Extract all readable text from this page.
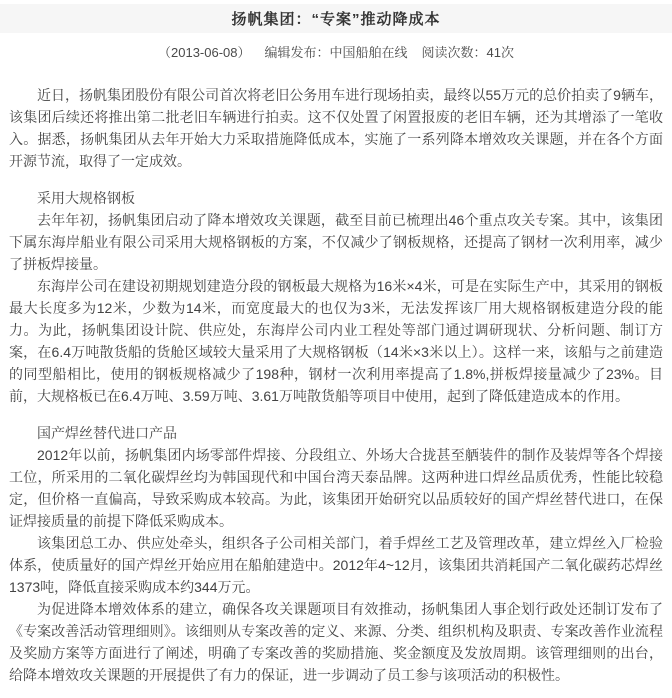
扬帆集团：“专案”推动降成本
（2013-06-08） 编辑发布：中国船舶在线 阅读次数：41次

近日，扬帆集团股份有限公司首次将老旧公务用车进行现场拍卖，最终以55万元的总价拍卖了9辆车，该集团后续还将推出第二批老旧车辆进行拍卖。这不仅处置了闲置报废的老旧车辆，还为其增添了一笔收入。据悉，扬帆集团从去年开始大力采取措施降低成本，实施了一系列降本增效攻关课题，并在各个方面开源节流，取得了一定成效。

采用大规格钢板

去年年初，扬帆集团启动了降本增效攻关课题，截至目前已梳理出46个重点攻关专案。其中，该集团下属东海岸船业有限公司采用大规格钢板的方案，不仅减少了钢板规格，还提高了钢材一次利用率，减少了拼板焊接量。

东海岸公司在建设初期规划建造分段的钢板最大规格为16米×4米，可是在实际生产中，其采用的钢板最大长度多为12米，少数为14米，而宽度最大的也仅为3米，无法发挥该厂用大规格钢板建造分段的能力。为此，扬帆集团设计院、供应处，东海岸公司内业工程处等部门通过调研现状、分析问题、制订方案，在6.4万吨散货船的货舱区域较大量采用了大规格钢板（14米×3米以上）。这样一来，该船与之前建造的同型船相比，使用的钢板规格减少了198种，钢材一次利用率提高了1.8%,拼板焊接量减少了23%。目前，大规格板已在6.4万吨、3.59万吨、3.61万吨散货船等项目中使用，起到了降低建造成本的作用。

国产焊丝替代进口产品

2012年以前，扬帆集团内场零部件焊接、分段组立、外场大合拢甚至舾装件的制作及装焊等各个焊接工位，所采用的二氧化碳焊丝均为韩国现代和中国台湾天泰品牌。这两种进口焊丝品质优秀，性能比较稳定，但价格一直偏高，导致采购成本较高。为此，该集团开始研究以品质较好的国产焊丝替代进口，在保证焊接质量的前提下降低采购成本。

该集团总工办、供应处牵头，组织各子公司相关部门，着手焊丝工艺及管理改革，建立焊丝入厂检验体系，使质量好的国产焊丝开始应用在船舶建造中。2012年4~12月，该集团共消耗国产二氧化碳药芯焊丝1373吨，降低直接采购成本约344万元。

为促进降本增效体系的建立，确保各攻关课题项目有效推动，扬帆集团人事企划行政处还制订发布了《专案改善活动管理细则》。该细则从专案改善的定义、来源、分类、组织机构及职责、专案改善作业流程及奖励方案等方面进行了阐述，明确了专案改善的奖励措施、奖金额度及发放周期。该管理细则的出台，给降本增效攻关课题的开展提供了有力的保证，进一步调动了员工参与该项活动的积极性。
